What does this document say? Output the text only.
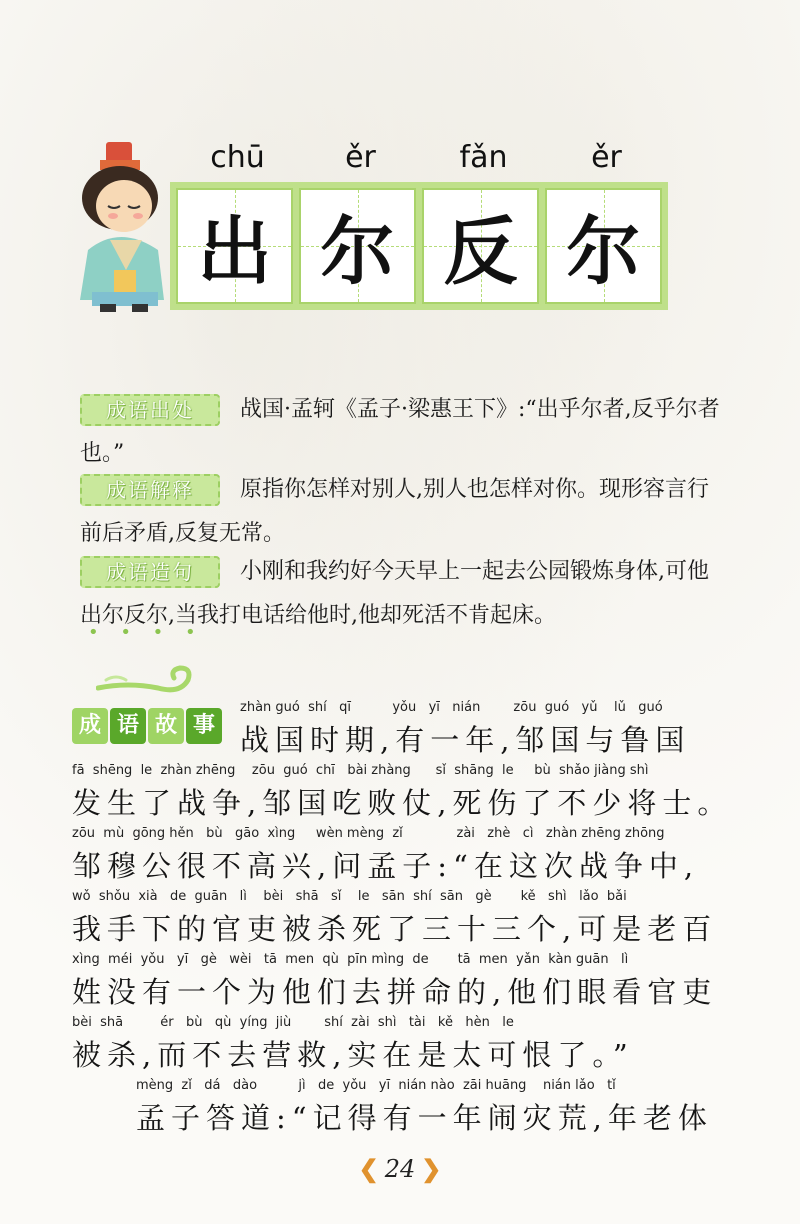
chū	ěr	fǎn	ěr
出 尔 反 尔
成语出处	战国·孟轲《孟子·梁惠王下》:“出乎尔者,反乎尔者也。”
成语解释	原指你怎样对别人,别人也怎样对你。现形容言行前后矛盾,反复无常。
成语造句	小刚和我约好今天早上一起去公园锻炼身体,可他出尔反尔,当我打电话给他时,他却死活不肯起床。
• • • •
成 语 故 事
zhàn guó  shí   qī          yǒu   yī   nián        zōu  guó   yǔ    lǔ   guó
战国时期,有一年,邹国与鲁国
fā  shēng  le  zhàn zhēng    zōu  guó  chī   bài zhàng      sǐ  shāng  le     bù  shǎo jiàng shì
发生了战争,邹国吃败仗,死伤了不少将士。
zōu  mù  gōng hěn   bù   gāo  xìng     wèn mèng  zǐ             zài   zhè   cì   zhàn zhēng zhōng
邹穆公很不高兴,问孟子:“在这次战争中,
wǒ  shǒu  xià   de  guān   lì    bèi   shā   sǐ    le   sān  shí  sān   gè       kě   shì   lǎo  bǎi
我手下的官吏被杀死了三十三个,可是老百
xìng  méi  yǒu   yī   gè   wèi   tā  men  qù  pīn mìng  de       tā  men  yǎn  kàn guān   lì
姓没有一个为他们去拼命的,他们眼看官吏
bèi  shā         ér   bù   qù  yíng  jiù        shí  zài  shì   tài   kě   hèn   le
被杀,而不去营救,实在是太可恨了。”
mèng  zǐ   dá   dào          jì   de  yǒu   yī  nián nào  zāi huāng    nián lǎo   tǐ
孟子答道:“记得有一年闹灾荒,年老体
❮ 24 ❯
